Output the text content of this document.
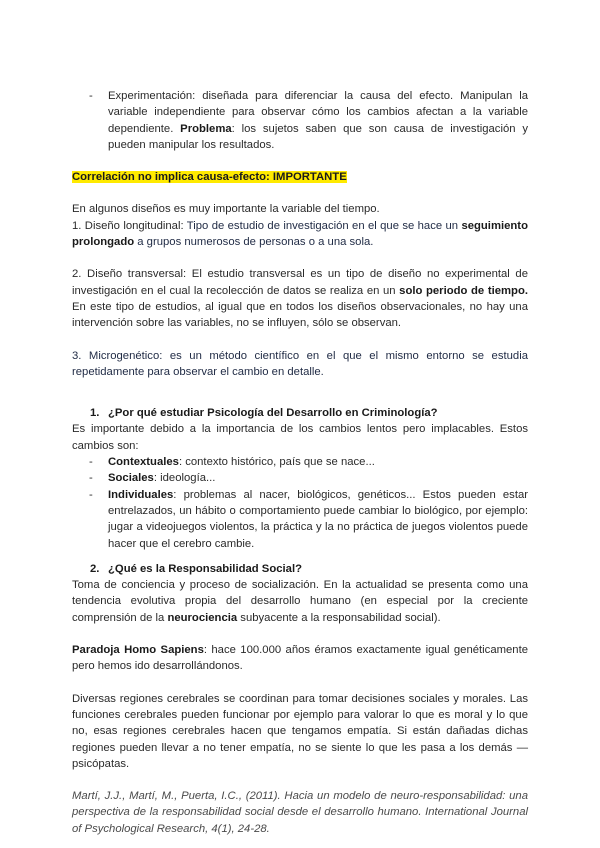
- Experimentación: diseñada para diferenciar la causa del efecto. Manipulan la variable independiente para observar cómo los cambios afectan a la variable dependiente. Problema: los sujetos saben que son causa de investigación y pueden manipular los resultados.

Correlación no implica causa-efecto: IMPORTANTE

En algunos diseños es muy importante la variable del tiempo.

1. Diseño longitudinal: Tipo de estudio de investigación en el que se hace un seguimiento prolongado a grupos numerosos de personas o a una sola.

2. Diseño transversal: El estudio transversal es un tipo de diseño no experimental de investigación en el cual la recolección de datos se realiza en un solo periodo de tiempo. En este tipo de estudios, al igual que en todos los diseños observacionales, no hay una intervención sobre las variables, no se influyen, sólo se observan.

3. Microgenético: es un método científico en el que el mismo entorno se estudia repetidamente para observar el cambio en detalle.

1. ¿Por qué estudiar Psicología del Desarrollo en Criminología?

Es importante debido a la importancia de los cambios lentos pero implacables. Estos cambios son:

- Contextuales: contexto histórico, país que se nace...

- Sociales: ideología...

- Individuales: problemas al nacer, biológicos, genéticos... Estos pueden estar entrelazados, un hábito o comportamiento puede cambiar lo biológico, por ejemplo: jugar a videojuegos violentos, la práctica y la no práctica de juegos violentos puede hacer que el cerebro cambie.

2. ¿Qué es la Responsabilidad Social?

Toma de conciencia y proceso de socialización. En la actualidad se presenta como una tendencia evolutiva propia del desarrollo humano (en especial por la creciente comprensión de la neurociencia subyacente a la responsabilidad social).

Paradoja Homo Sapiens: hace 100.000 años éramos exactamente igual genéticamente pero hemos ido desarrollándonos.

Diversas regiones cerebrales se coordinan para tomar decisiones sociales y morales. Las funciones cerebrales pueden funcionar por ejemplo para valorar lo que es moral y lo que no, esas regiones cerebrales hacen que tengamos empatía. Si están dañadas dichas regiones pueden llevar a no tener empatía, no se siente lo que les pasa a los demás — psicópatas.

Martí, J.J., Martí, M., Puerta, I.C., (2011). Hacia un modelo de neuro-responsabilidad: una perspectiva de la responsabilidad social desde el desarrollo humano. International Journal of Psychological Research, 4(1), 24-28.
